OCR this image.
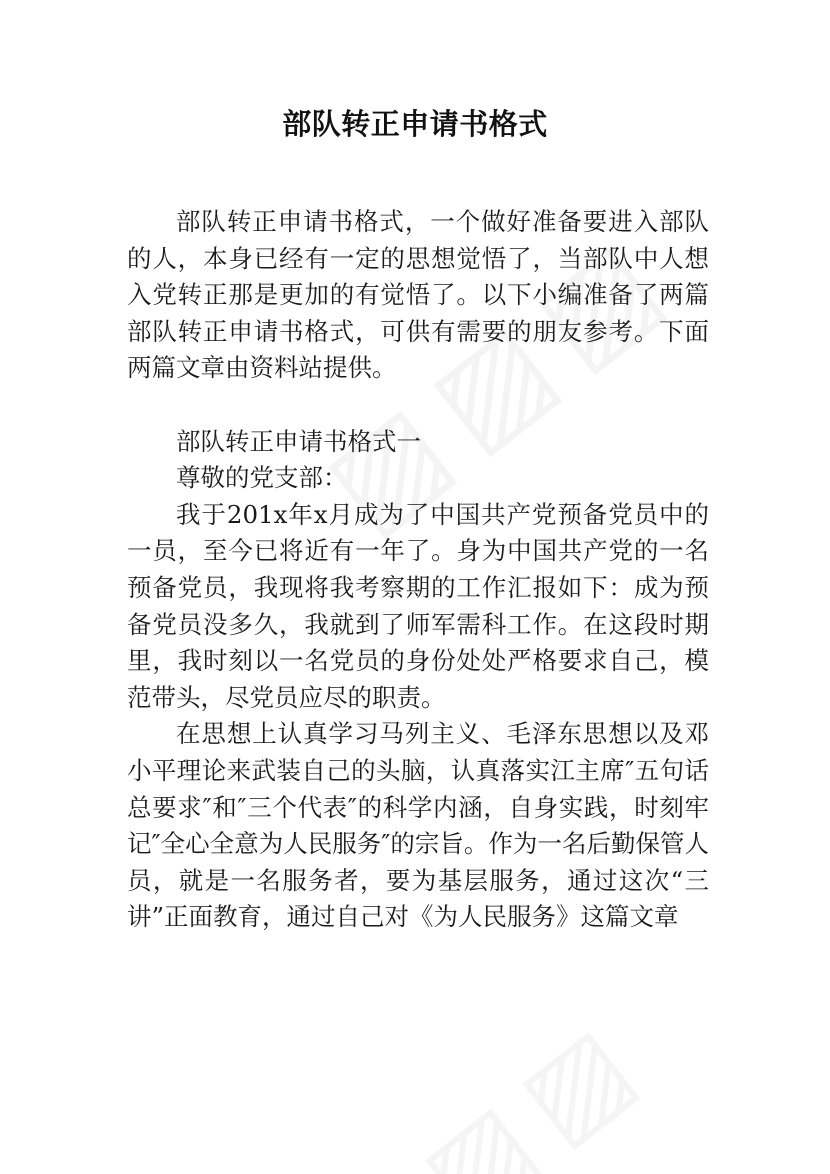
部队转正申请书格式

部队转正申请书格式，一个做好准备要进入部队的人，本身已经有一定的思想觉悟了，当部队中人想入党转正那是更加的有觉悟了。以下小编准备了两篇部队转正申请书格式，可供有需要的朋友参考。下面两篇文章由资料站提供。

部队转正申请书格式一

尊敬的党支部：

我于201x年x月成为了中国共产党预备党员中的一员，至今已将近有一年了。身为中国共产党的一名预备党员，我现将我考察期的工作汇报如下：成为预备党员没多久，我就到了师军需科工作。在这段时期里，我时刻以一名党员的身份处处严格要求自己，模范带头，尽党员应尽的职责。

在思想上认真学习马列主义、毛泽东思想以及邓小平理论来武装自己的头脑，认真落实江主席″五句话总要求″和″三个代表″的科学内涵，自身实践，时刻牢记″全心全意为人民服务″的宗旨。作为一名后勤保管人员，就是一名服务者，要为基层服务，通过这次“三讲”正面教育，通过自己对《为人民服务》这篇文章
